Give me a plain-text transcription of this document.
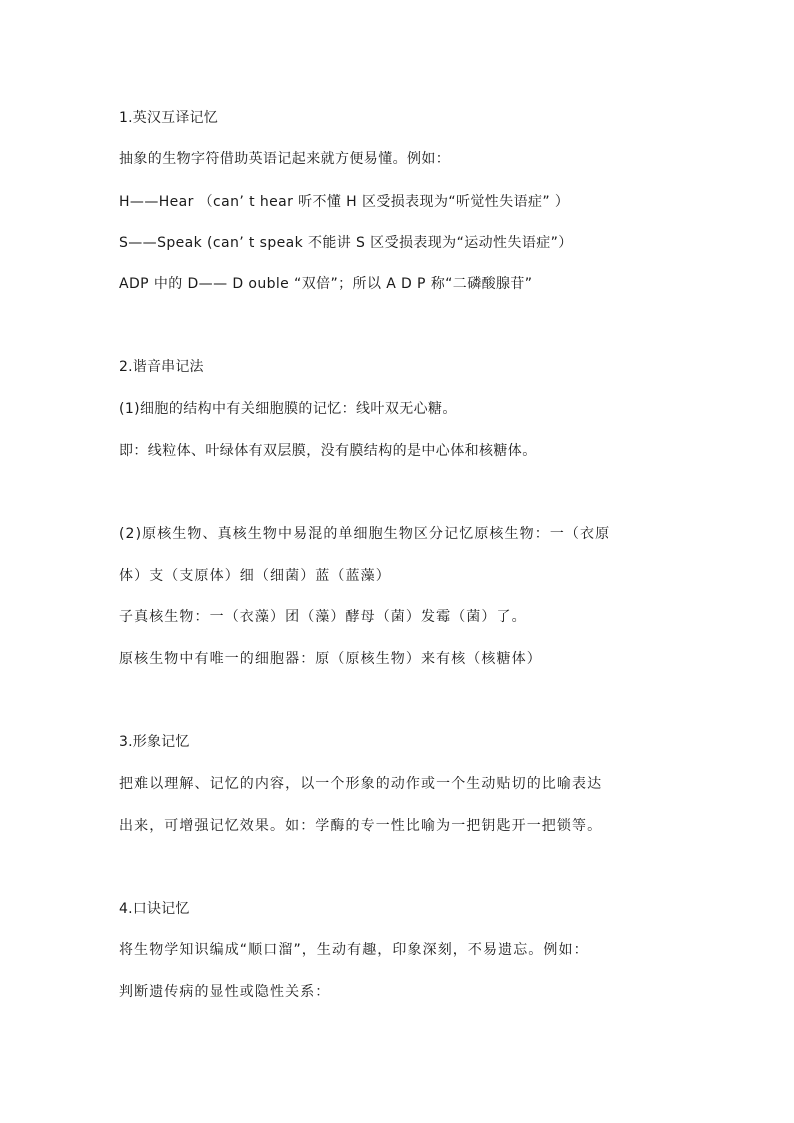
1.英汉互译记忆
抽象的生物字符借助英语记起来就方便易懂。例如：
H——Hear （can’ t hear 听不懂 H 区受损表现为“听觉性失语症” ）
S——Speak (can’ t speak 不能讲 S 区受损表现为“运动性失语症”）
ADP 中的 D—— D ouble “双倍”；所以 A D P 称“二磷酸腺苷”
2.谐音串记法
(1)细胞的结构中有关细胞膜的记忆：线叶双无心糖。
即：线粒体、叶绿体有双层膜，没有膜结构的是中心体和核糖体。
(2)原核生物、真核生物中易混的单细胞生物区分记忆原核生物：一（衣原
体）支（支原体）细（细菌）蓝（蓝藻）
子真核生物：一（衣藻）团（藻）酵母（菌）发霉（菌）了。
原核生物中有唯一的细胞器：原（原核生物）来有核（核糖体）
3.形象记忆
把难以理解、记忆的内容，以一个形象的动作或一个生动贴切的比喻表达
出来，可增强记忆效果。如：学酶的专一性比喻为一把钥匙开一把锁等。
4.口诀记忆
将生物学知识编成“顺口溜”，生动有趣，印象深刻，不易遗忘。例如：
判断遗传病的显性或隐性关系：
